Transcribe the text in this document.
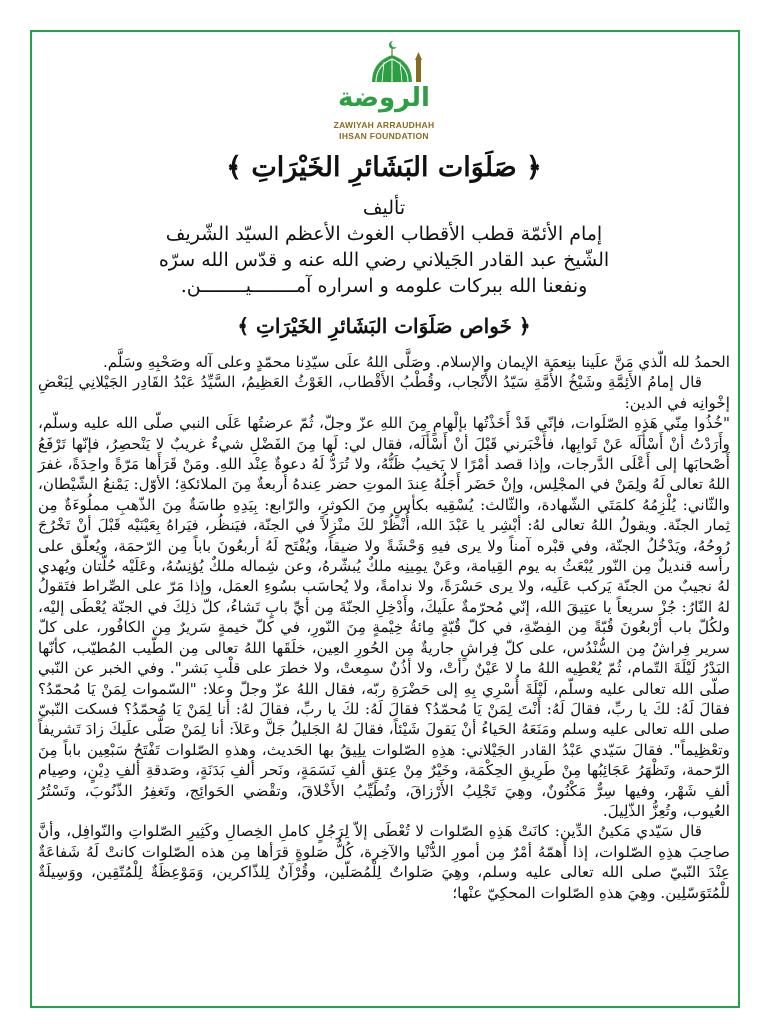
الروضة
ZAWIYAH ARRAUDHAH
IHSAN FOUNDATION
﴿ صَلَوَات البَشَائرِ الخَيْرَاتِ ﴾
تأليف
إمام الأئمّة قطب الأقطاب الغوث الأعظم السيّد الشّريف
الشّيخ عبد القادر الجَيلاني رضي الله عنه و قدّس الله سرّه
ونفعنا الله ببركات علومه و اسراره آمــــــــيــــــــن.
﴿ خَواص صَلَوَات البَشَائرِ الخَيْرَاتِ ﴾

الحمدُ لله الّذي مَنَّ علَينا بنِعمَة الإيمان والإسلام. وصَلَّى اللهُ علَى سيّدِنا محمّدٍ وعلى آله وصَحْبِهِ وسَلَّم.

قال إمامُ الأَئِمَّةِ وشَيْخُ الأُمَّةِ سَيّدُ الأَنْجاب، وقُطْبُ الأَقْطاب، الغَوْثُ العَظِيمُ، السَّيِّدُ عَبْدُ القَادِر الجَيْلانِي لِبَعْضِ إخْوانِه في الدين:

"خُذُوا مِنّي هَذِهِ الصّلَوات، فإنّي قَدْ أَخَذْتُها بإلْهامٍ مِنَ اللهِ عزّ وجلّ، ثُمّ عرضتُها عَلَى النبي صلّى الله عليه وسلّم، وأَرَدْتُ أنْ أَسْأَلَه عَنْ ثَوابِها، فأَخْبَرني قَبْلَ أنْ أَسْأَلَه، فقال لي: لَها مِنَ الفَضْلِ شيءٌ غريبٌ لا يَنْحصِرُ، فإنّها تَرْفَعُ أَصْحابَها إلى أَعْلَى الدَّرجات، وإذا قصد أمْرًا لا يَخيبُ ظَنُّهُ، ولا تُرَدُّ لَهُ دعوةٌ عِنْد اللهِ. ومَنْ قَرَأَها مَرّةً واحِدَةً، غفرَ اللهُ تعالى لَهُ ولِمَنْ في المجْلِس، وإنْ حَضَر أَجَلُهُ عِندَ الموتِ حضر عِندهُ أربعةٌ مِنَ الملائكةِ؛ الأوّل: يَمْنعُ الشّيْطان، والثّاني: يُلْزِمُهُ كلمَتَي الشّهادة، والثّالث: يُسْقِيه بكأسٍ مِنَ الكوثرِ، والرّابع: بِيَدِهِ طاسَةٌ مِنَ الذّهبِ مملُوءَةٌ مِن ثِمار الجنّة. ويقولُ اللهُ تعالى لهُ: أبْشِر يا عَبْدَ الله، أُنْظُرْ لكَ منْزِلاً في الجنّة، فيَنظُر، فيَراهُ بِعَيْنَيْه قَبْلَ أنْ تَخْرُجَ رُوحُهُ، ويَدْخُلُ الجنّة، وفي قبْره آمناً ولا يرى فيهِ وَحْشَةً ولا ضيقاً، ويُفْتَح لَهُ أربعُونَ باباً مِن الرّحمَة، ويُعلّق على رأسه قنديلٌ مِن النّور يُبْعَثُ به يوم القِيامة، وعَنْ يمِينِه ملكٌ يُبشّرهُ، وعن شِماله ملكٌ يُؤنِسُهُ، وعَلَيْه حُلّتان ويُهدي لهُ نجيبٌ من الجنّة يَركب عَلَيه، ولا يرى حَسْرَةً، ولا ندامةً، ولا يُحاسَب بسُوءِ العمَل، وإذا مَرّ على الصِّراط فتَقولُ لهُ النّارُ: جُزْ سريعاً يا عتِيقَ الله، إنّي مُحرّمةٌ علَيكَ، وأَدْخِلِ الجنّةَ مِن أيِّ بابٍ تَشاءُ، كلّ ذلِكَ في الجنّة يُعْطَى إليْه، ولكُلّ باب أرْبعُونَ قُبّةً مِن الفِضّةِ، في كلّ قُبّةٍ مِائةُ خِيْمةٍ مِنَ النّورِ، في كلّ خيمةٍ سَريرٌ مِن الكافُور، على كلّ سرير فِراشٌ مِن السُّنْدُس، على كلّ فِراشٍ جاريةٌ مِن الحُورِ العِين، خلَقَها اللهُ تعالى مِن الطّيب المُطيّب، كأنّها البَدْرُ لَيْلَةَ التّمام، ثُمّ يُعْطِيه اللهُ ما لا عَيْنٌ رأتْ، ولا أذُنٌ سمِعتْ، ولا خطرَ على قلْبِ بَشر". وفي الخبر عن النّبي صلّى الله تعالى عليه وسلّم، لَيْلَةَ أُسْرِي بِهِ إلى حَضْرَةِ ربّه، فقال اللهُ عزّ وجلّ وعلا: "السّموات لِمَنْ يَا مُحمّدُ؟ فقالَ لَهُ: لكَ يا ربِّ، فقالَ لَهُ: أَنْتَ لِمَنْ يَا مُحمّدُ؟ فقالَ لَهُ: لكَ يا ربِّ، فقالَ لهُ: أنا لِمَنْ يَا مُحمّدُ؟ فسكت النّبيّ صلى الله تعالى عليه وسلم ومَنَعَهُ الحَياءُ أنْ يَقولَ شَيْئاً، فقالَ لهُ الجَليلُ جَلَّ وعَلاَ: أنا لِمَنْ صَلَّى علَيكَ زادَ تَشريفاً وتعْظِيماً". فقالَ سَيّدي عَبْدُ القادر الجَيْلاني: هذِهِ الصّلوات يلِيقُ بها الحَديث، وهذهِ الصّلوات تَفْتَحُ سَبْعِين باباً مِنَ الرّحمة، وتَظْهَرُ عَجَائِبُها مِنْ طَرِيقِ الحِكْمَة، وخَيْرٌ مِنْ عِتقِ ألفِ نَسَمَةٍ، ونَحر ألفِ بَدَنَةٍ، وصَدقةِ ألفِ دِيْنٍ، وصِيام ألفِ شَهْر، وفيها سِرٌّ مَكْنُونٌ، وهِيَ تَجْلِبُ الأَرْزاقَ، وتُطَيِّبُ الأَخْلاقَ، وتقْضي الحَوائِج، وتَغفِرُ الذّنُوبَ، وتَسْتُرُ العُيوب، وتُعِزُّ الذّلِيلَ.

قال سَيّدي مَكينُ الدِّين: كانَتْ هَذِهِ الصّلوات لا تُعْطَى إلاّ لِرَجُلٍ كاملِ الخِصالِ وكَثِيرِ الصّلواتِ والنّوافِل، وأنَّ صاحِبَ هذِهِ الصّلوات، إذا أَهمّهُ أمْرٌ مِن أمورِ الدُّنْيا والآخِرة، كُلُّ صَلوةٍ قرَأها مِن هذه الصّلوات كانتْ لَهُ شَفاعَةٌ عِنْدَ النّبيّ صلى الله تعالى عليه وسلم، وهِيَ صَلواتٌ لِلْمُصَلّين، وقُرْآنٌ لِلذّاكرين، وَمَوْعِظَةٌ لِلْمُتّقِين، ووَسِيلَةٌ للْمُتَوَسّلِين. وهِيَ هذهِ الصّلوات المحكِيّ عنْها؛
